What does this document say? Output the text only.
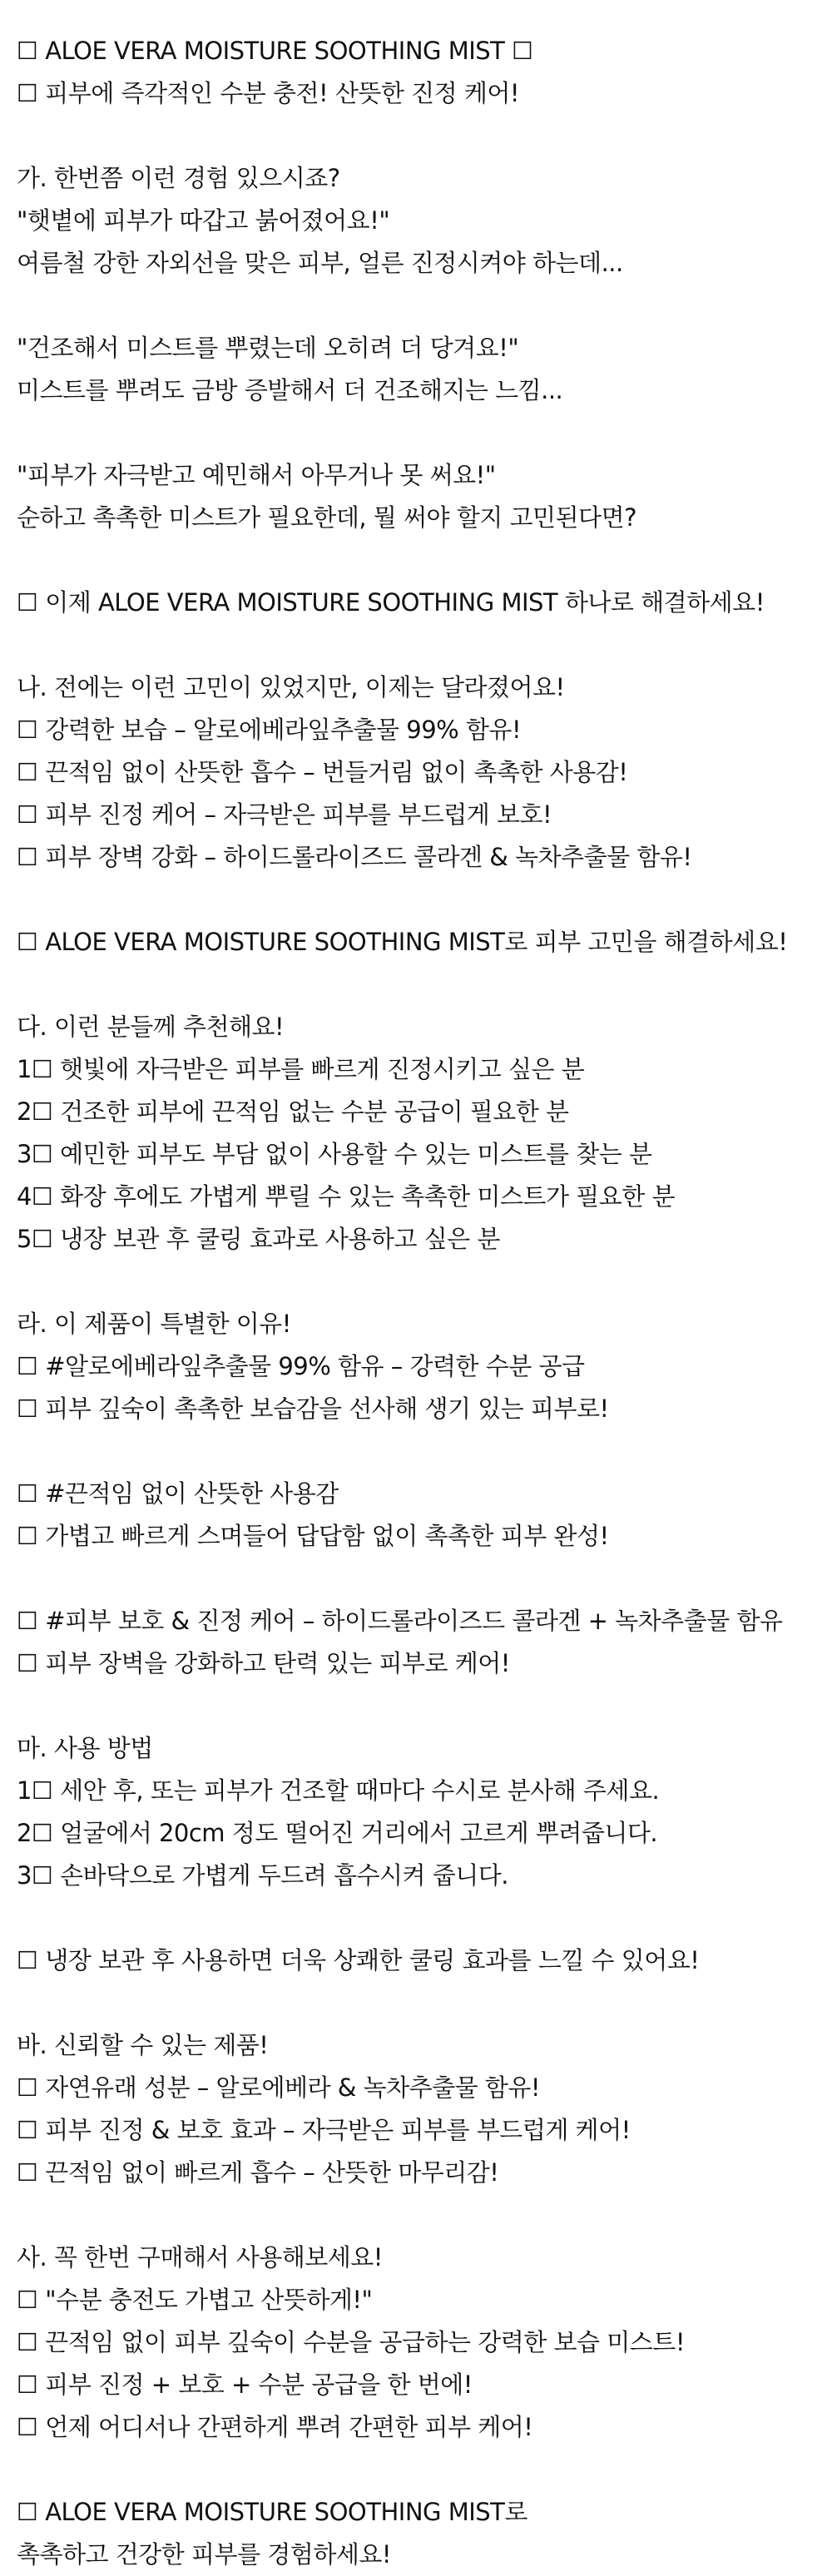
☐ ALOE VERA MOISTURE SOOTHING MIST ☐
☐ 피부에 즉각적인 수분 충전! 산뜻한 진정 케어!
가. 한번쯤 이런 경험 있으시죠?
"햇볕에 피부가 따갑고 붉어졌어요!"
여름철 강한 자외선을 맞은 피부, 얼른 진정시켜야 하는데...
"건조해서 미스트를 뿌렸는데 오히려 더 당겨요!"
미스트를 뿌려도 금방 증발해서 더 건조해지는 느낌...
"피부가 자극받고 예민해서 아무거나 못 써요!"
순하고 촉촉한 미스트가 필요한데, 뭘 써야 할지 고민된다면?
☐ 이제 ALOE VERA MOISTURE SOOTHING MIST 하나로 해결하세요!
나. 전에는 이런 고민이 있었지만, 이제는 달라졌어요!
☐ 강력한 보습 – 알로에베라잎추출물 99% 함유!
☐ 끈적임 없이 산뜻한 흡수 – 번들거림 없이 촉촉한 사용감!
☐ 피부 진정 케어 – 자극받은 피부를 부드럽게 보호!
☐ 피부 장벽 강화 – 하이드롤라이즈드 콜라겐 & 녹차추출물 함유!
☐ ALOE VERA MOISTURE SOOTHING MIST로 피부 고민을 해결하세요!
다. 이런 분들께 추천해요!
1☐ 햇빛에 자극받은 피부를 빠르게 진정시키고 싶은 분
2☐ 건조한 피부에 끈적임 없는 수분 공급이 필요한 분
3☐ 예민한 피부도 부담 없이 사용할 수 있는 미스트를 찾는 분
4☐ 화장 후에도 가볍게 뿌릴 수 있는 촉촉한 미스트가 필요한 분
5☐ 냉장 보관 후 쿨링 효과로 사용하고 싶은 분
라. 이 제품이 특별한 이유!
☐ #알로에베라잎추출물 99% 함유 – 강력한 수분 공급
☐ 피부 깊숙이 촉촉한 보습감을 선사해 생기 있는 피부로!
☐ #끈적임 없이 산뜻한 사용감
☐ 가볍고 빠르게 스며들어 답답함 없이 촉촉한 피부 완성!
☐ #피부 보호 & 진정 케어 – 하이드롤라이즈드 콜라겐 + 녹차추출물 함유
☐ 피부 장벽을 강화하고 탄력 있는 피부로 케어!
마. 사용 방법
1☐ 세안 후, 또는 피부가 건조할 때마다 수시로 분사해 주세요.
2☐ 얼굴에서 20cm 정도 떨어진 거리에서 고르게 뿌려줍니다.
3☐ 손바닥으로 가볍게 두드려 흡수시켜 줍니다.
☐ 냉장 보관 후 사용하면 더욱 상쾌한 쿨링 효과를 느낄 수 있어요!
바. 신뢰할 수 있는 제품!
☐ 자연유래 성분 – 알로에베라 & 녹차추출물 함유!
☐ 피부 진정 & 보호 효과 – 자극받은 피부를 부드럽게 케어!
☐ 끈적임 없이 빠르게 흡수 – 산뜻한 마무리감!
사. 꼭 한번 구매해서 사용해보세요!
☐ "수분 충전도 가볍고 산뜻하게!"
☐ 끈적임 없이 피부 깊숙이 수분을 공급하는 강력한 보습 미스트!
☐ 피부 진정 + 보호 + 수분 공급을 한 번에!
☐ 언제 어디서나 간편하게 뿌려 간편한 피부 케어!
☐ ALOE VERA MOISTURE SOOTHING MIST로
촉촉하고 건강한 피부를 경험하세요!
